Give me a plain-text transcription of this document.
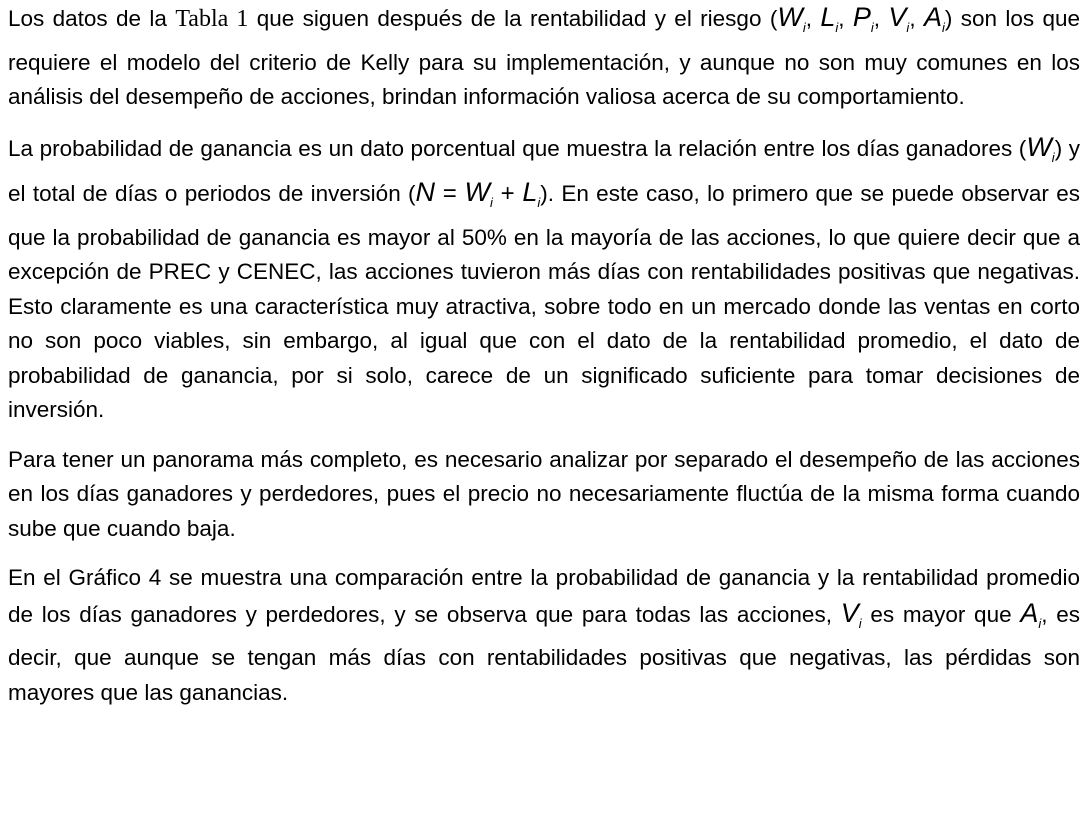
Los datos de la Tabla 1 que siguen después de la rentabilidad y el riesgo ($W_i$, $L_i$, $P_i$, $V_i$, $A_i$) son los que requiere el modelo del criterio de Kelly para su implementación, y aunque no son muy comunes en los análisis del desempeño de acciones, brindan información valiosa acerca de su comportamiento.

La probabilidad de ganancia es un dato porcentual que muestra la relación entre los días ganadores $(W_i)$ y el total de días o periodos de inversión $(N = W_i + L_i)$. En este caso, lo primero que se puede observar es que la probabilidad de ganancia es mayor al 50% en la mayoría de las acciones, lo que quiere decir que a excepción de PREC y CENEC, las acciones tuvieron más días con rentabilidades positivas que negativas. Esto claramente es una característica muy atractiva, sobre todo en un mercado donde las ventas en corto no son poco viables, sin embargo, al igual que con el dato de la rentabilidad promedio, el dato de probabilidad de ganancia, por si solo, carece de un significado suficiente para tomar decisiones de inversión.

Para tener un panorama más completo, es necesario analizar por separado el desempeño de las acciones en los días ganadores y perdedores, pues el precio no necesariamente fluctúa de la misma forma cuando sube que cuando baja.

En el Gráfico 4 se muestra una comparación entre la probabilidad de ganancia y la rentabilidad promedio de los días ganadores y perdedores, y se observa que para todas las acciones, $V_i$ es mayor que $A_i$, es decir, que aunque se tengan más días con rentabilidades positivas que negativas, las pérdidas son mayores que las ganancias.
